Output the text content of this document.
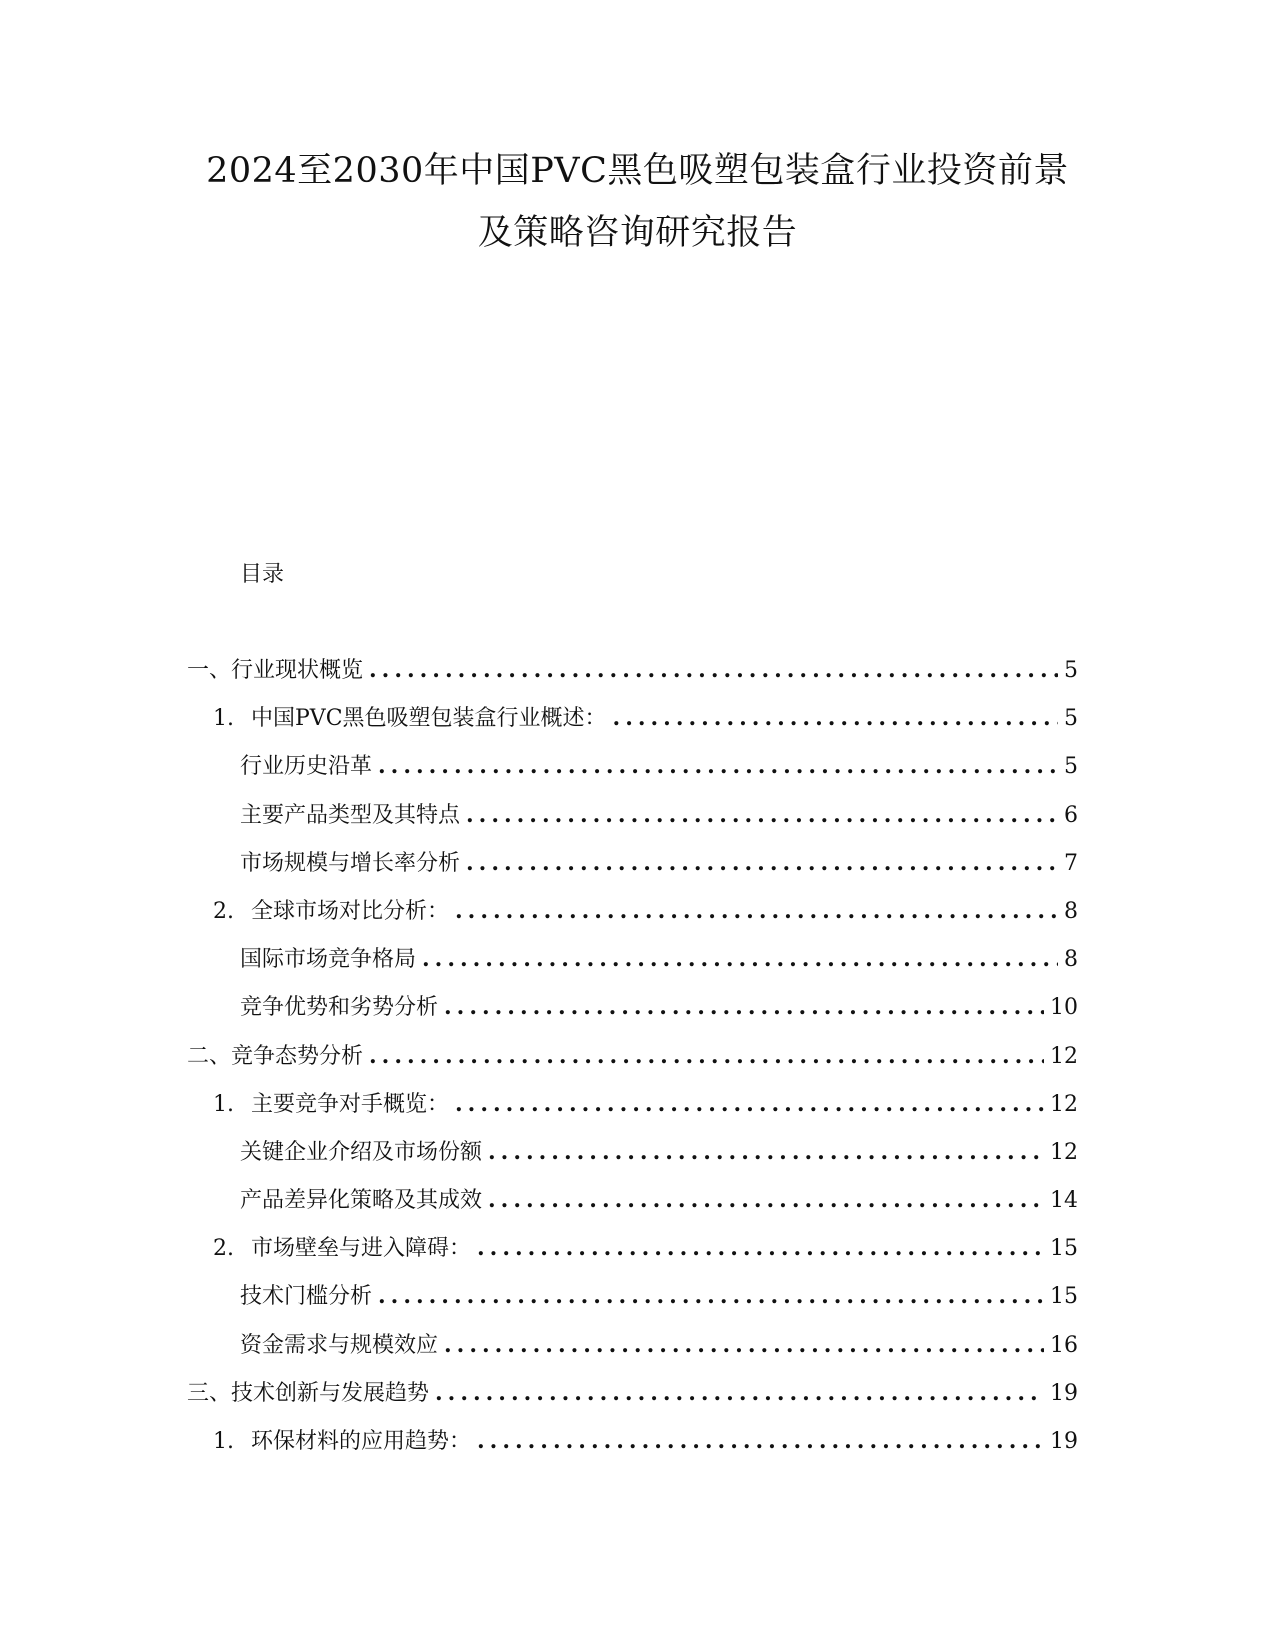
2024至2030年中国PVC黑色吸塑包装盒行业投资前景
及策略咨询研究报告
目录
一、行业现状概览 .....	5
1. 中国PVC黑色吸塑包装盒行业概述： .....	5
行业历史沿革 .....	5
主要产品类型及其特点 .....	6
市场规模与增长率分析 .....	7
2. 全球市场对比分析： .....	8
国际市场竞争格局 .....	8
竞争优势和劣势分析 .....	10
二、竞争态势分析 .....	12
1. 主要竞争对手概览： .....	12
关键企业介绍及市场份额 .....	12
产品差异化策略及其成效 .....	14
2. 市场壁垒与进入障碍： .....	15
技术门槛分析 .....	15
资金需求与规模效应 .....	16
三、技术创新与发展趋势 .....	19
1. 环保材料的应用趋势： .....	19
